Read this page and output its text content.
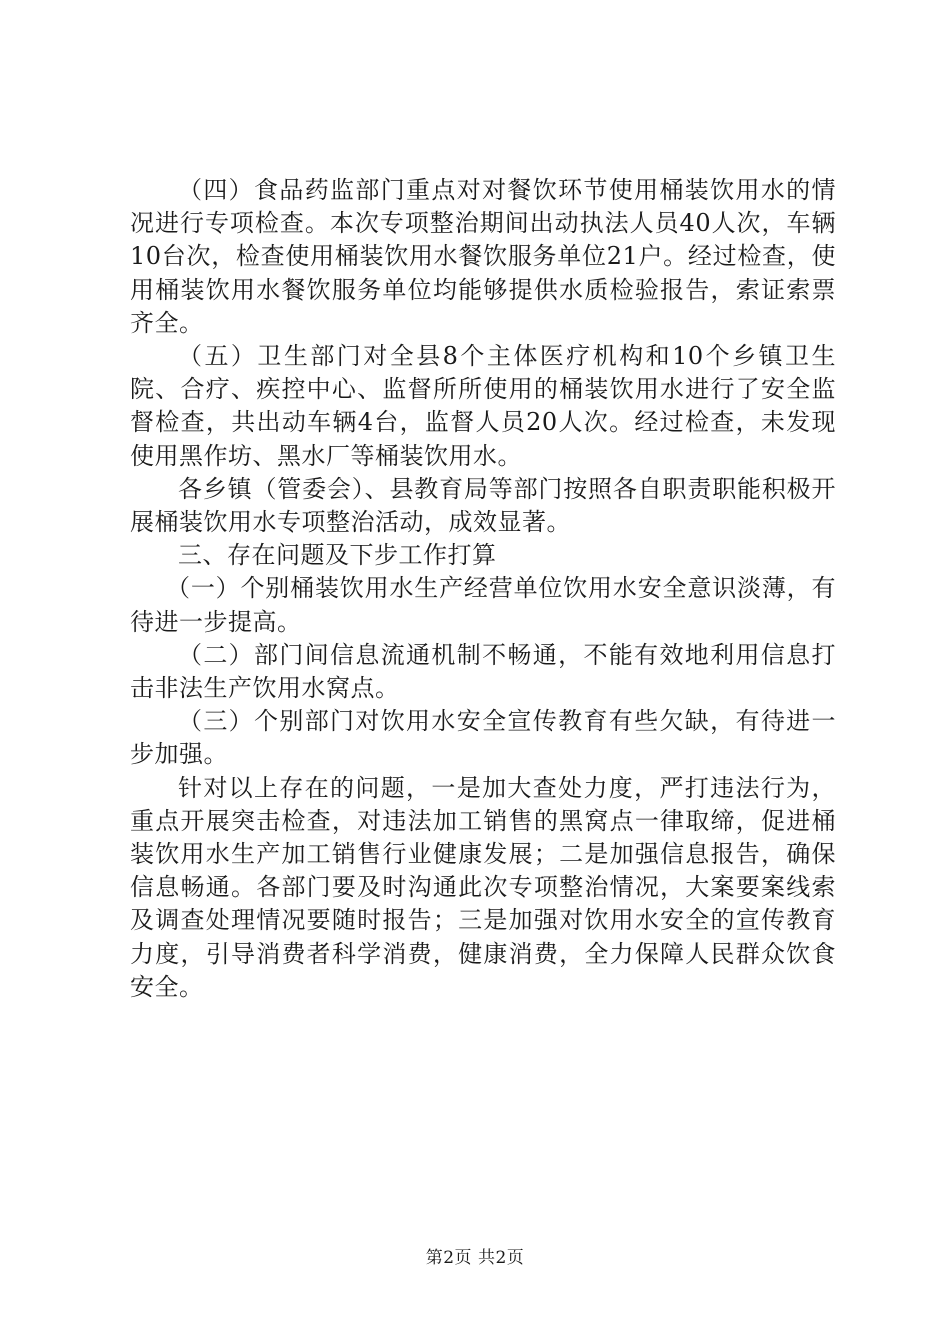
（四）食品药监部门重点对对餐饮环节使用桶装饮用水的情况进行专项检查。本次专项整治期间出动执法人员40人次，车辆10台次，检查使用桶装饮用水餐饮服务单位21户。经过检查，使用桶装饮用水餐饮服务单位均能够提供水质检验报告，索证索票齐全。

（五）卫生部门对全县8个主体医疗机构和10个乡镇卫生院、合疗、疾控中心、监督所所使用的桶装饮用水进行了安全监督检查，共出动车辆4台，监督人员20人次。经过检查，未发现使用黑作坊、黑水厂等桶装饮用水。

各乡镇（管委会）、县教育局等部门按照各自职责职能积极开展桶装饮用水专项整治活动，成效显著。

三、存在问题及下步工作打算

（一）个别桶装饮用水生产经营单位饮用水安全意识淡薄，有待进一步提高。

（二）部门间信息流通机制不畅通，不能有效地利用信息打击非法生产饮用水窝点。

（三）个别部门对饮用水安全宣传教育有些欠缺，有待进一步加强。

针对以上存在的问题，一是加大查处力度，严打违法行为，重点开展突击检查，对违法加工销售的黑窝点一律取缔，促进桶装饮用水生产加工销售行业健康发展；二是加强信息报告，确保信息畅通。各部门要及时沟通此次专项整治情况，大案要案线索及调查处理情况要随时报告；三是加强对饮用水安全的宣传教育力度，引导消费者科学消费，健康消费，全力保障人民群众饮食安全。

第2页 共2页
